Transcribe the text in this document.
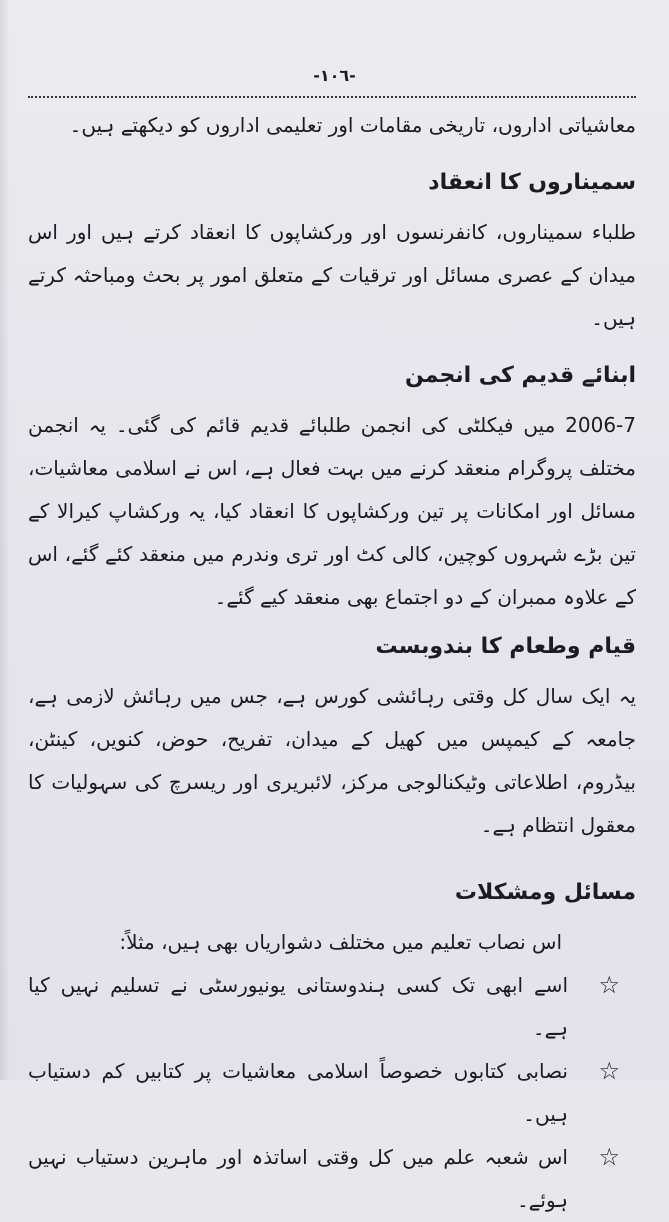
-١٠٦-

معاشیاتی اداروں، تاریخی مقامات اور تعلیمی اداروں کو دیکھتے ہیں۔

سمیناروں کا انعقاد

طلباء سمیناروں، کانفرنسوں اور ورکشاپوں کا انعقاد کرتے ہیں اور اس میدان کے عصری مسائل اور ترقیات کے متعلق امور پر بحث ومباحثہ کرتے ہیں۔

ابنائے قدیم کی انجمن

2006-7 میں فیکلٹی کی انجمن طلبائے قدیم قائم کی گئی۔ یہ انجمن مختلف پروگرام منعقد کرنے میں بہت فعال ہے، اس نے اسلامی معاشیات، مسائل اور امکانات پر تین ورکشاپوں کا انعقاد کیا، یہ ورکشاپ کیرالا کے تین بڑے شہروں کوچین، کالی کٹ اور تری وندرم میں منعقد کئے گئے، اس کے علاوہ ممبران کے دو اجتماع بھی منعقد کیے گئے۔

قیام وطعام کا بندوبست

یہ ایک سال کل وقتی رہائشی کورس ہے، جس میں رہائش لازمی ہے، جامعہ کے کیمپس میں کھیل کے میدان، تفریح، حوض، کنویں، کینٹن، بیڈروم، اطلاعاتی وٹیکنالوجی مرکز، لائبریری اور ریسرچ کی سہولیات کا معقول انتظام ہے۔

مسائل ومشکلات

اس نصاب تعلیم میں مختلف دشواریاں بھی ہیں، مثلاً:

☆
اسے ابھی تک کسی ہندوستانی یونیورسٹی نے تسلیم نہیں کیا ہے۔
☆
نصابی کتابوں خصوصاً اسلامی معاشیات پر کتابیں کم دستیاب ہیں۔
☆
اس شعبہ علم میں کل وقتی اساتذہ اور ماہرین دستیاب نہیں ہوئے۔
